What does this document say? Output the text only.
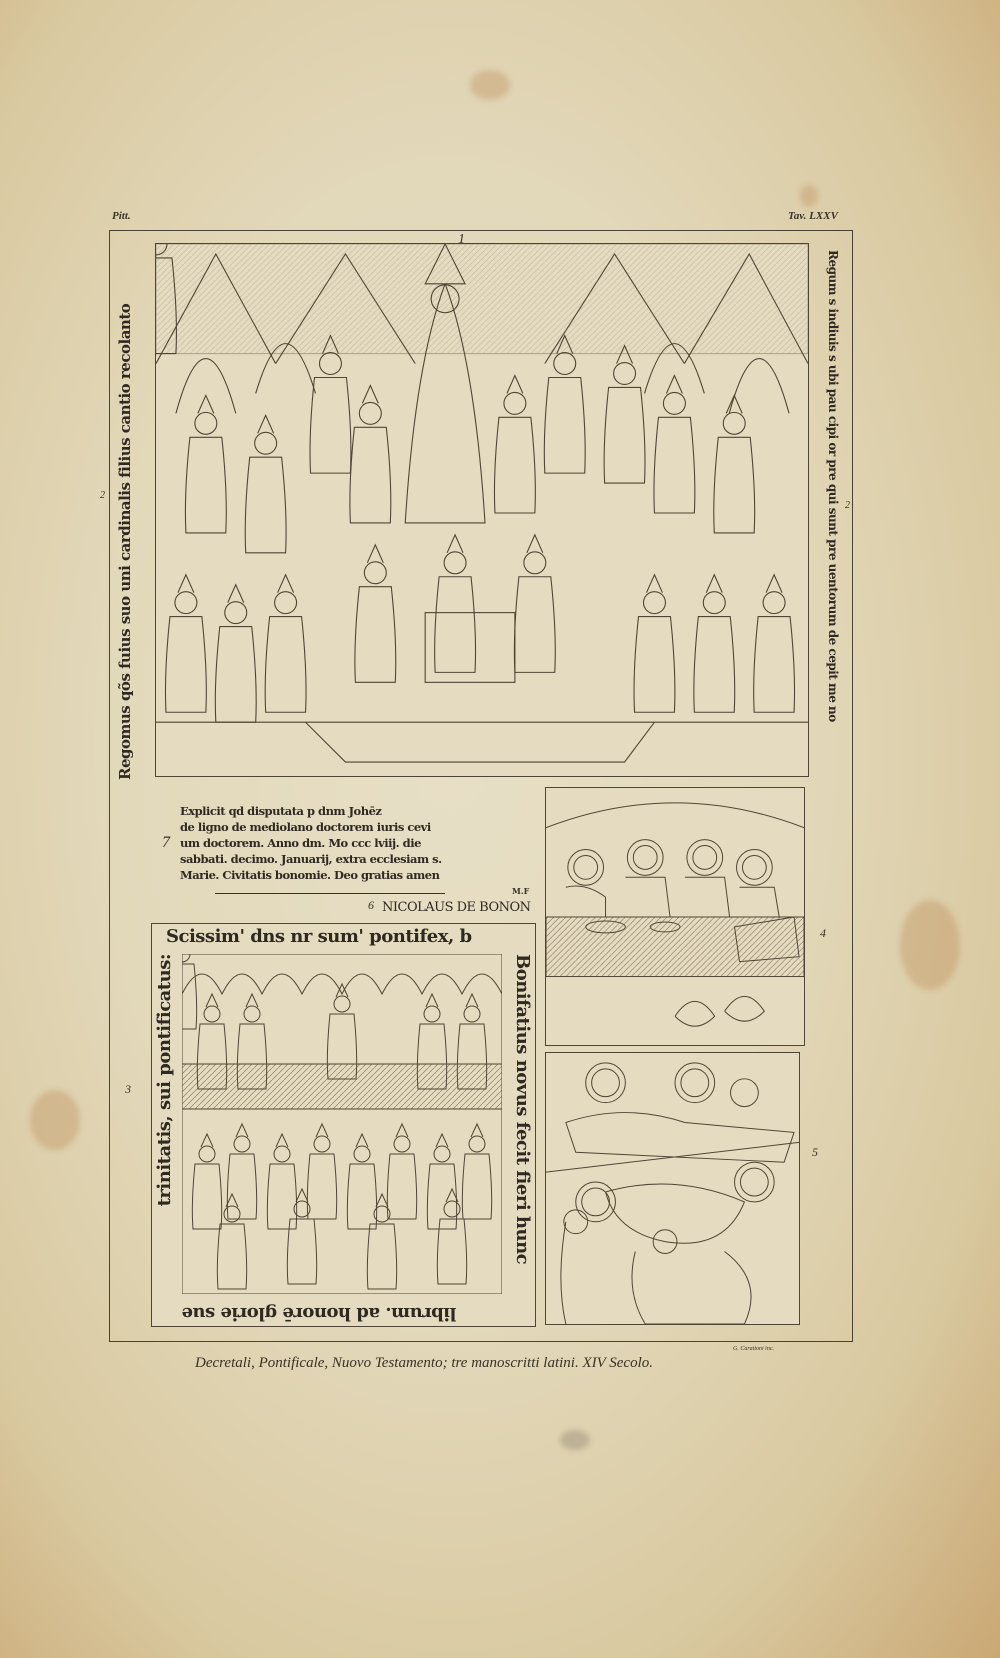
Pitt.	Tav. LXXV
1
2
2
Regomus qõs fuius suo uni cardinalis filius cantio recolanto	Regum s indiuis s ubi pau cipi or pre qui sunt pre uentorum de cepit me no
7
Explicit qd disputata p dnm Johēz
de ligno de mediolano doctorem iuris cevi
um doctorem. Anno dm. Mo ccc lviij. die
sabbati. decimo. Januarij, extra ecclesiam s.
Marie. Civitatis bonomie. Deo gratias amen
6
M.F
NICOLAUS DE BONON
Scissim' dns nr sum' pontifex, b
Bonifatius novus fecit fieri hunc
librum. ad honorē glorie sue
trinitatis, sui pontificatus:
3
4
5
G. Carattoni inc.
Decretali, Pontificale, Nuovo Testamento; tre manoscritti latini. XIV Secolo.
